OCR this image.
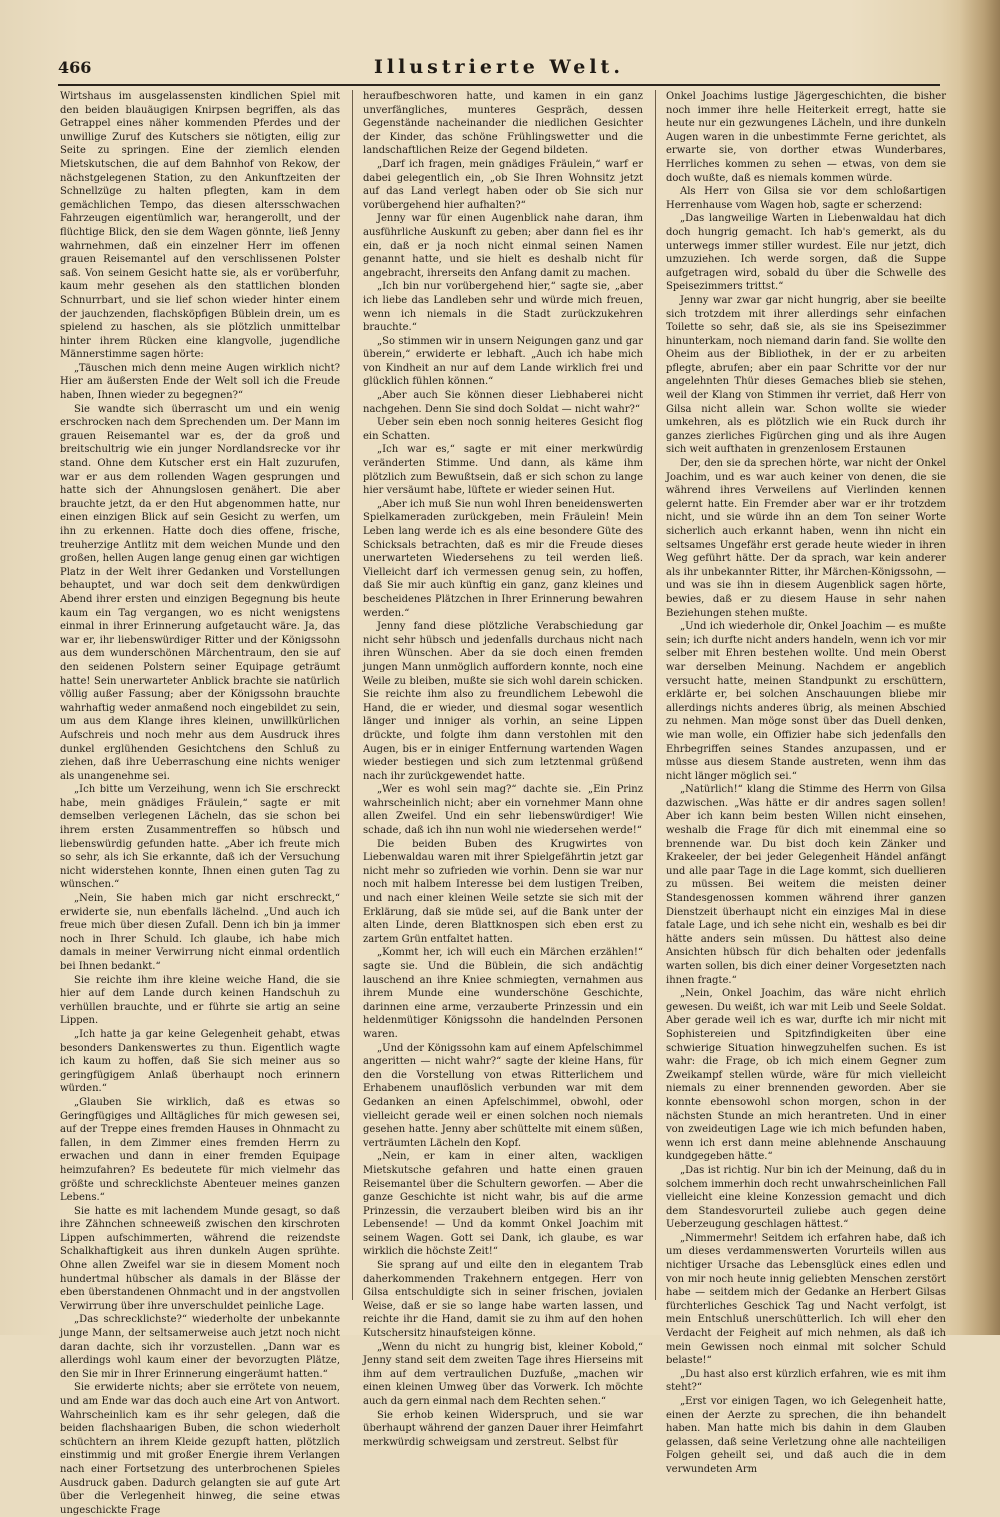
466	Illustrierte Welt.

Wirtshaus im ausgelassensten kindlichen Spiel mit den beiden blauäugigen Knirpsen begriffen, als das Getrappel eines näher kommenden Pferdes und der unwillige Zuruf des Kutschers sie nötigten, eilig zur Seite zu springen. Eine der ziemlich elenden Mietskutschen, die auf dem Bahnhof von Rekow, der nächstgelegenen Station, zu den Ankunftzeiten der Schnellzüge zu halten pflegten, kam in dem gemächlichen Tempo, das diesen altersschwachen Fahrzeugen eigentümlich war, herangerollt, und der flüchtige Blick, den sie dem Wagen gönnte, ließ Jenny wahrnehmen, daß ein einzelner Herr im offenen grauen Reisemantel auf den verschlissenen Polster saß. Von seinem Gesicht hatte sie, als er vorüberfuhr, kaum mehr gesehen als den stattlichen blonden Schnurrbart, und sie lief schon wieder hinter einem der jauchzenden, flachsköpfigen Büblein drein, um es spielend zu haschen, als sie plötzlich unmittelbar hinter ihrem Rücken eine klangvolle, jugendliche Männerstimme sagen hörte:

„Täuschen mich denn meine Augen wirklich nicht? Hier am äußersten Ende der Welt soll ich die Freude haben, Ihnen wieder zu begegnen?“

Sie wandte sich überrascht um und ein wenig erschrocken nach dem Sprechenden um. Der Mann im grauen Reisemantel war es, der da groß und breitschultrig wie ein junger Nordlandsrecke vor ihr stand. Ohne dem Kutscher erst ein Halt zuzurufen, war er aus dem rollenden Wagen gesprungen und hatte sich der Ahnungslosen genähert. Die aber brauchte jetzt, da er den Hut abgenommen hatte, nur einen einzigen Blick auf sein Gesicht zu werfen, um ihn zu erkennen. Hatte doch dies offene, frische, treuherzige Antlitz mit dem weichen Munde und den großen, hellen Augen lange genug einen gar wichtigen Platz in der Welt ihrer Gedanken und Vorstellungen behauptet, und war doch seit dem denkwürdigen Abend ihrer ersten und einzigen Begegnung bis heute kaum ein Tag vergangen, wo es nicht wenigstens einmal in ihrer Erinnerung aufgetaucht wäre. Ja, das war er, ihr liebenswürdiger Ritter und der Königssohn aus dem wunderschönen Märchentraum, den sie auf den seidenen Polstern seiner Equipage geträumt hatte! Sein unerwarteter Anblick brachte sie natürlich völlig außer Fassung; aber der Königssohn brauchte wahrhaftig weder anmaßend noch eingebildet zu sein, um aus dem Klange ihres kleinen, unwillkürlichen Aufschreis und noch mehr aus dem Ausdruck ihres dunkel erglühenden Gesichtchens den Schluß zu ziehen, daß ihre Ueberraschung eine nichts weniger als unangenehme sei.

„Ich bitte um Verzeihung, wenn ich Sie erschreckt habe, mein gnädiges Fräulein,“ sagte er mit demselben verlegenen Lächeln, das sie schon bei ihrem ersten Zusammentreffen so hübsch und liebenswürdig gefunden hatte. „Aber ich freute mich so sehr, als ich Sie erkannte, daß ich der Versuchung nicht widerstehen konnte, Ihnen einen guten Tag zu wünschen.“

„Nein, Sie haben mich gar nicht erschreckt,“ erwiderte sie, nun ebenfalls lächelnd. „Und auch ich freue mich über diesen Zufall. Denn ich bin ja immer noch in Ihrer Schuld. Ich glaube, ich habe mich damals in meiner Verwirrung nicht einmal ordentlich bei Ihnen bedankt.“

Sie reichte ihm ihre kleine weiche Hand, die sie hier auf dem Lande durch keinen Handschuh zu verhüllen brauchte, und er führte sie artig an seine Lippen.

„Ich hatte ja gar keine Gelegenheit gehabt, etwas besonders Dankenswertes zu thun. Eigentlich wagte ich kaum zu hoffen, daß Sie sich meiner aus so geringfügigem Anlaß überhaupt noch erinnern würden.“

„Glauben Sie wirklich, daß es etwas so Geringfügiges und Alltägliches für mich gewesen sei, auf der Treppe eines fremden Hauses in Ohnmacht zu fallen, in dem Zimmer eines fremden Herrn zu erwachen und dann in einer fremden Equipage heimzufahren? Es bedeutete für mich vielmehr das größte und schrecklichste Abenteuer meines ganzen Lebens.“

Sie hatte es mit lachendem Munde gesagt, so daß ihre Zähnchen schneeweiß zwischen den kirschroten Lippen aufschimmerten, während die reizendste Schalkhaftigkeit aus ihren dunkeln Augen sprühte. Ohne allen Zweifel war sie in diesem Moment noch hundertmal hübscher als damals in der Blässe der eben überstandenen Ohnmacht und in der angstvollen Verwirrung über ihre unverschuldet peinliche Lage.

„Das schrecklichste?“ wiederholte der unbekannte junge Mann, der seltsamerweise auch jetzt noch nicht daran dachte, sich ihr vorzustellen. „Dann war es allerdings wohl kaum einer der bevorzugten Plätze, den Sie mir in Ihrer Erinnerung eingeräumt hatten.“

Sie erwiderte nichts; aber sie errötete von neuem, und am Ende war das doch auch eine Art von Antwort. Wahrscheinlich kam es ihr sehr gelegen, daß die beiden flachshaarigen Buben, die schon wiederholt schüchtern an ihrem Kleide gezupft hatten, plötzlich einstimmig und mit großer Energie ihrem Verlangen nach einer Fortsetzung des unterbrochenen Spieles Ausdruck gaben. Dadurch gelangten sie auf gute Art über die Verlegenheit hinweg, die seine etwas ungeschickte Frage

heraufbeschworen hatte, und kamen in ein ganz unverfängliches, munteres Gespräch, dessen Gegenstände nacheinander die niedlichen Gesichter der Kinder, das schöne Frühlingswetter und die landschaftlichen Reize der Gegend bildeten.

„Darf ich fragen, mein gnädiges Fräulein,“ warf er dabei gelegentlich ein, „ob Sie Ihren Wohnsitz jetzt auf das Land verlegt haben oder ob Sie sich nur vorübergehend hier aufhalten?“

Jenny war für einen Augenblick nahe daran, ihm ausführliche Auskunft zu geben; aber dann fiel es ihr ein, daß er ja noch nicht einmal seinen Namen genannt hatte, und sie hielt es deshalb nicht für angebracht, ihrerseits den Anfang damit zu machen.

„Ich bin nur vorübergehend hier,“ sagte sie, „aber ich liebe das Landleben sehr und würde mich freuen, wenn ich niemals in die Stadt zurückzukehren brauchte.“

„So stimmen wir in unsern Neigungen ganz und gar überein,“ erwiderte er lebhaft. „Auch ich habe mich von Kindheit an nur auf dem Lande wirklich frei und glücklich fühlen können.“

„Aber auch Sie können dieser Liebhaberei nicht nachgehen. Denn Sie sind doch Soldat — nicht wahr?“

Ueber sein eben noch sonnig heiteres Gesicht flog ein Schatten.

„Ich war es,“ sagte er mit einer merkwürdig veränderten Stimme. Und dann, als käme ihm plötzlich zum Bewußtsein, daß er sich schon zu lange hier versäumt habe, lüftete er wieder seinen Hut.

„Aber ich muß Sie nun wohl Ihren beneidenswerten Spielkameraden zurückgeben, mein Fräulein! Mein Leben lang werde ich es als eine besondere Güte des Schicksals betrachten, daß es mir die Freude dieses unerwarteten Wiedersehens zu teil werden ließ. Vielleicht darf ich vermessen genug sein, zu hoffen, daß Sie mir auch künftig ein ganz, ganz kleines und bescheidenes Plätzchen in Ihrer Erinnerung bewahren werden.“

Jenny fand diese plötzliche Verabschiedung gar nicht sehr hübsch und jedenfalls durchaus nicht nach ihren Wünschen. Aber da sie doch einen fremden jungen Mann unmöglich auffordern konnte, noch eine Weile zu bleiben, mußte sie sich wohl darein schicken. Sie reichte ihm also zu freundlichem Lebewohl die Hand, die er wieder, und diesmal sogar wesentlich länger und inniger als vorhin, an seine Lippen drückte, und folgte ihm dann verstohlen mit den Augen, bis er in einiger Entfernung wartenden Wagen wieder bestiegen und sich zum letztenmal grüßend nach ihr zurückgewendet hatte.

„Wer es wohl sein mag?“ dachte sie. „Ein Prinz wahrscheinlich nicht; aber ein vornehmer Mann ohne allen Zweifel. Und ein sehr liebenswürdiger! Wie schade, daß ich ihn nun wohl nie wiedersehen werde!“

Die beiden Buben des Krugwirtes von Liebenwaldau waren mit ihrer Spielgefährtin jetzt gar nicht mehr so zufrieden wie vorhin. Denn sie war nur noch mit halbem Interesse bei dem lustigen Treiben, und nach einer kleinen Weile setzte sie sich mit der Erklärung, daß sie müde sei, auf die Bank unter der alten Linde, deren Blattknospen sich eben erst zu zartem Grün entfaltet hatten.

„Kommt her, ich will euch ein Märchen erzählen!“ sagte sie. Und die Büblein, die sich andächtig lauschend an ihre Kniee schmiegten, vernahmen aus ihrem Munde eine wunderschöne Geschichte, darinnen eine arme, verzauberte Prinzessin und ein heldenmütiger Königssohn die handelnden Personen waren.

„Und der Königssohn kam auf einem Apfelschimmel angeritten — nicht wahr?“ sagte der kleine Hans, für den die Vorstellung von etwas Ritterlichem und Erhabenem unauflöslich verbunden war mit dem Gedanken an einen Apfelschimmel, obwohl, oder vielleicht gerade weil er einen solchen noch niemals gesehen hatte. Jenny aber schüttelte mit einem süßen, verträumten Lächeln den Kopf.

„Nein, er kam in einer alten, wackligen Mietskutsche gefahren und hatte einen grauen Reisemantel über die Schultern geworfen. — Aber die ganze Geschichte ist nicht wahr, bis auf die arme Prinzessin, die verzaubert bleiben wird bis an ihr Lebensende! — Und da kommt Onkel Joachim mit seinem Wagen. Gott sei Dank, ich glaube, es war wirklich die höchste Zeit!“

Sie sprang auf und eilte den in elegantem Trab daherkommenden Trakehnern entgegen. Herr von Gilsa entschuldigte sich in seiner frischen, jovialen Weise, daß er sie so lange habe warten lassen, und reichte ihr die Hand, damit sie zu ihm auf den hohen Kutschersitz hinaufsteigen könne.

„Wenn du nicht zu hungrig bist, kleiner Kobold,“ Jenny stand seit dem zweiten Tage ihres Hierseins mit ihm auf dem vertraulichen Duzfuße, „machen wir einen kleinen Umweg über das Vorwerk. Ich möchte auch da gern einmal nach dem Rechten sehen.“

Sie erhob keinen Widerspruch, und sie war überhaupt während der ganzen Dauer ihrer Heimfahrt merkwürdig schweigsam und zerstreut. Selbst für

Onkel Joachims lustige Jägergeschichten, die bisher noch immer ihre helle Heiterkeit erregt, hatte sie heute nur ein gezwungenes Lächeln, und ihre dunkeln Augen waren in die unbestimmte Ferne gerichtet, als erwarte sie, von dorther etwas Wunderbares, Herrliches kommen zu sehen — etwas, von dem sie doch wußte, daß es niemals kommen würde.

Als Herr von Gilsa sie vor dem schloßartigen Herrenhause vom Wagen hob, sagte er scherzend:

„Das langweilige Warten in Liebenwaldau hat dich doch hungrig gemacht. Ich hab's gemerkt, als du unterwegs immer stiller wurdest. Eile nur jetzt, dich umzuziehen. Ich werde sorgen, daß die Suppe aufgetragen wird, sobald du über die Schwelle des Speisezimmers trittst.“

Jenny war zwar gar nicht hungrig, aber sie beeilte sich trotzdem mit ihrer allerdings sehr einfachen Toilette so sehr, daß sie, als sie ins Speisezimmer hinunterkam, noch niemand darin fand. Sie wollte den Oheim aus der Bibliothek, in der er zu arbeiten pflegte, abrufen; aber ein paar Schritte vor der nur angelehnten Thür dieses Gemaches blieb sie stehen, weil der Klang von Stimmen ihr verriet, daß Herr von Gilsa nicht allein war. Schon wollte sie wieder umkehren, als es plötzlich wie ein Ruck durch ihr ganzes zierliches Figürchen ging und als ihre Augen sich weit aufthaten in grenzenlosem Erstaunen

Der, den sie da sprechen hörte, war nicht der Onkel Joachim, und es war auch keiner von denen, die sie während ihres Verweilens auf Vierlinden kennen gelernt hatte. Ein Fremder aber war er ihr trotzdem nicht, und sie würde ihn an dem Ton seiner Worte sicherlich auch erkannt haben, wenn ihn nicht ein seltsames Ungefähr erst gerade heute wieder in ihren Weg geführt hätte. Der da sprach, war kein anderer als ihr unbekannter Ritter, ihr Märchen-Königssohn, — und was sie ihn in diesem Augenblick sagen hörte, bewies, daß er zu diesem Hause in sehr nahen Beziehungen stehen mußte.

„Und ich wiederhole dir, Onkel Joachim — es mußte sein; ich durfte nicht anders handeln, wenn ich vor mir selber mit Ehren bestehen wollte. Und mein Oberst war derselben Meinung. Nachdem er angeblich versucht hatte, meinen Standpunkt zu erschüttern, erklärte er, bei solchen Anschauungen bliebe mir allerdings nichts anderes übrig, als meinen Abschied zu nehmen. Man möge sonst über das Duell denken, wie man wolle, ein Offizier habe sich jedenfalls den Ehrbegriffen seines Standes anzupassen, und er müsse aus diesem Stande austreten, wenn ihm das nicht länger möglich sei.“

„Natürlich!“ klang die Stimme des Herrn von Gilsa dazwischen. „Was hätte er dir andres sagen sollen! Aber ich kann beim besten Willen nicht einsehen, weshalb die Frage für dich mit einemmal eine so brennende war. Du bist doch kein Zänker und Krakeeler, der bei jeder Gelegenheit Händel anfängt und alle paar Tage in die Lage kommt, sich duellieren zu müssen. Bei weitem die meisten deiner Standesgenossen kommen während ihrer ganzen Dienstzeit überhaupt nicht ein einziges Mal in diese fatale Lage, und ich sehe nicht ein, weshalb es bei dir hätte anders sein müssen. Du hättest also deine Ansichten hübsch für dich behalten oder jedenfalls warten sollen, bis dich einer deiner Vorgesetzten nach ihnen fragte.“

„Nein, Onkel Joachim, das wäre nicht ehrlich gewesen. Du weißt, ich war mit Leib und Seele Soldat. Aber gerade weil ich es war, durfte ich mir nicht mit Sophistereien und Spitzfindigkeiten über eine schwierige Situation hinwegzuhelfen suchen. Es ist wahr: die Frage, ob ich mich einem Gegner zum Zweikampf stellen würde, wäre für mich vielleicht niemals zu einer brennenden geworden. Aber sie konnte ebensowohl schon morgen, schon in der nächsten Stunde an mich herantreten. Und in einer von zweideutigen Lage wie ich mich befunden haben, wenn ich erst dann meine ablehnende Anschauung kundgegeben hätte.“

„Das ist richtig. Nur bin ich der Meinung, daß du in solchem immerhin doch recht unwahrscheinlichen Fall vielleicht eine kleine Konzession gemacht und dich dem Standesvorurteil zuliebe auch gegen deine Ueberzeugung geschlagen hättest.“

„Nimmermehr! Seitdem ich erfahren habe, daß ich um dieses verdammenswerten Vorurteils willen aus nichtiger Ursache das Lebensglück eines edlen und von mir noch heute innig geliebten Menschen zerstört habe — seitdem mich der Gedanke an Herbert Gilsas fürchterliches Geschick Tag und Nacht verfolgt, ist mein Entschluß unerschütterlich. Ich will eher den Verdacht der Feigheit auf mich nehmen, als daß ich mein Gewissen noch einmal mit solcher Schuld belaste!“

„Du hast also erst kürzlich erfahren, wie es mit ihm steht?“

„Erst vor einigen Tagen, wo ich Gelegenheit hatte, einen der Aerzte zu sprechen, die ihn behandelt haben. Man hatte mich bis dahin in dem Glauben gelassen, daß seine Verletzung ohne alle nachteiligen Folgen geheilt sei, und daß auch die in dem verwundeten Arm
